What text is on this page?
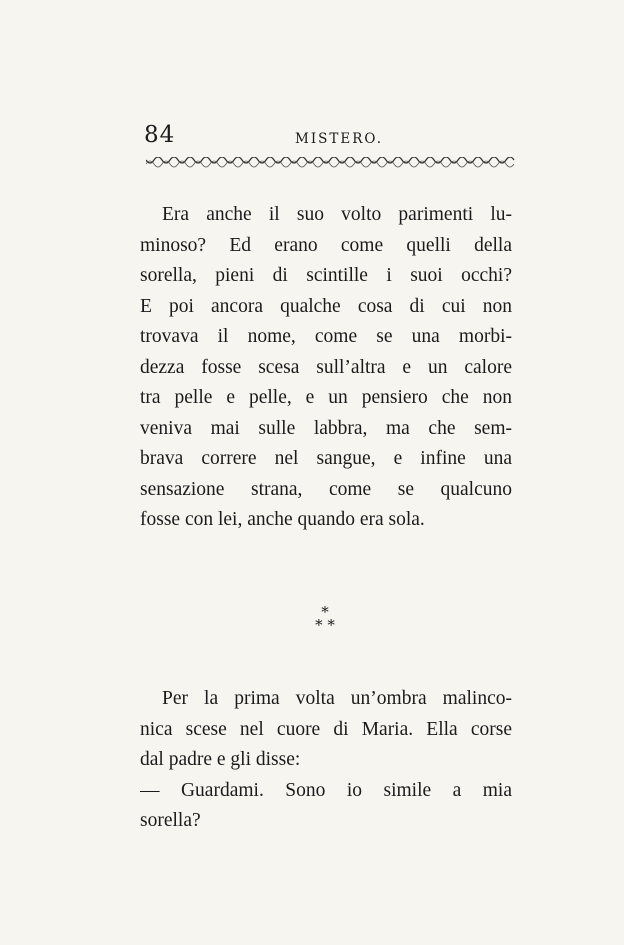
84	MISTERO.
Era anche il suo volto parimenti lu-
minoso? Ed erano come quelli della
sorella, pieni di scintille i suoi occhi?
E poi ancora qualche cosa di cui non
trovava il nome, come se una morbi-
dezza fosse scesa sull’altra e un calore
tra pelle e pelle, e un pensiero che non
veniva mai sulle labbra, ma che sem-
brava correre nel sangue, e infine una
sensazione strana, come se qualcuno
fosse con lei, anche quando era sola.
*
* *
Per la prima volta un’ombra malinco-
nica scese nel cuore di Maria. Ella corse
dal padre e gli disse:
— Guardami. Sono io simile a mia
sorella?
